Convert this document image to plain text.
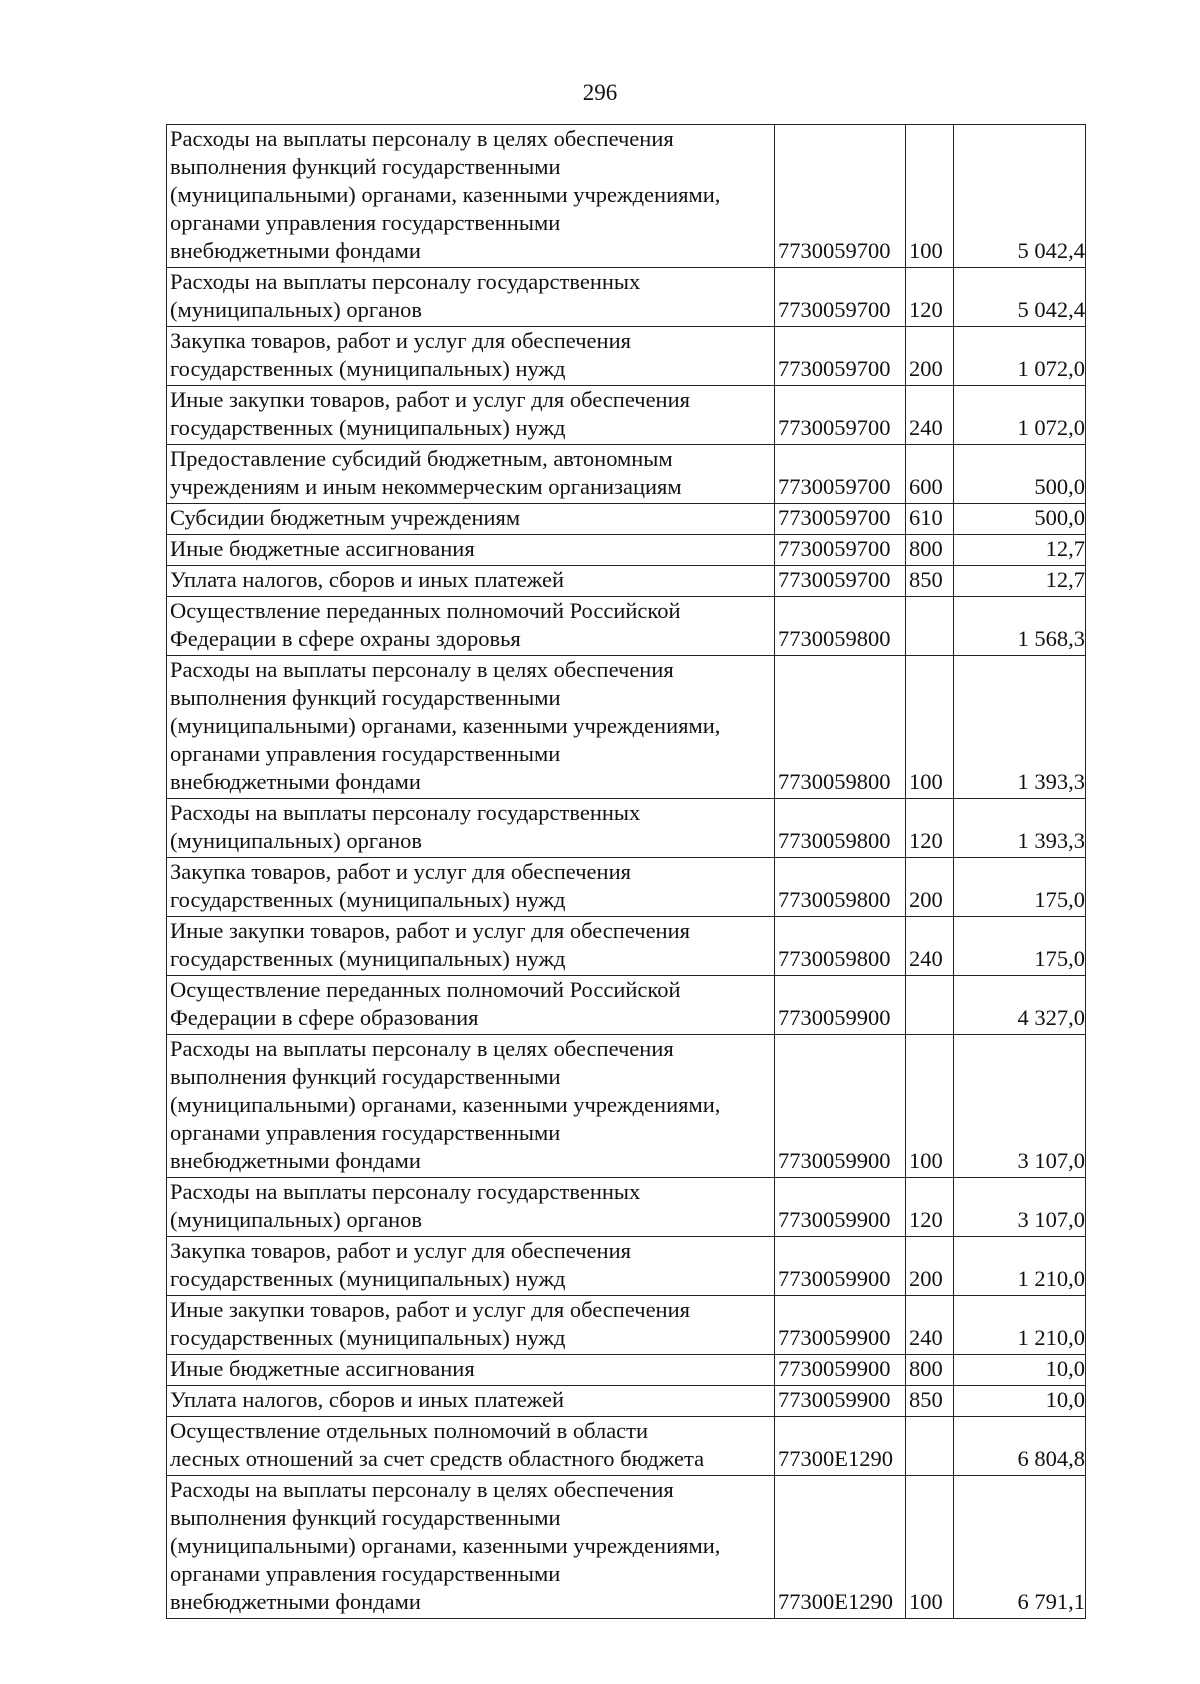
296
Расходы на выплаты персоналу в целях обеспечения
выполнения функций государственными
(муниципальными) органами, казенными учреждениями,
органами управления государственными
внебюджетными фондами	7730059700	100	5 042,4

Расходы на выплаты персоналу государственных
(муниципальных) органов	7730059700	120	5 042,4

Закупка товаров, работ и услуг для обеспечения
государственных (муниципальных) нужд	7730059700	200	1 072,0

Иные закупки товаров, работ и услуг для обеспечения
государственных (муниципальных) нужд	7730059700	240	1 072,0

Предоставление субсидий бюджетным, автономным
учреждениям и иным некоммерческим организациям	7730059700	600	500,0

Субсидии бюджетным учреждениям	7730059700	610	500,0

Иные бюджетные ассигнования	7730059700	800	12,7

Уплата налогов, сборов и иных платежей	7730059700	850	12,7

Осуществление переданных полномочий Российской
Федерации в сфере охраны здоровья	7730059800		1 568,3

Расходы на выплаты персоналу в целях обеспечения
выполнения функций государственными
(муниципальными) органами, казенными учреждениями,
органами управления государственными
внебюджетными фондами	7730059800	100	1 393,3

Расходы на выплаты персоналу государственных
(муниципальных) органов	7730059800	120	1 393,3

Закупка товаров, работ и услуг для обеспечения
государственных (муниципальных) нужд	7730059800	200	175,0

Иные закупки товаров, работ и услуг для обеспечения
государственных (муниципальных) нужд	7730059800	240	175,0

Осуществление переданных полномочий Российской
Федерации в сфере образования	7730059900		4 327,0

Расходы на выплаты персоналу в целях обеспечения
выполнения функций государственными
(муниципальными) органами, казенными учреждениями,
органами управления государственными
внебюджетными фондами	7730059900	100	3 107,0

Расходы на выплаты персоналу государственных
(муниципальных) органов	7730059900	120	3 107,0

Закупка товаров, работ и услуг для обеспечения
государственных (муниципальных) нужд	7730059900	200	1 210,0

Иные закупки товаров, работ и услуг для обеспечения
государственных (муниципальных) нужд	7730059900	240	1 210,0

Иные бюджетные ассигнования	7730059900	800	10,0

Уплата налогов, сборов и иных платежей	7730059900	850	10,0

Осуществление отдельных полномочий в области
лесных отношений за счет средств областного бюджета	77300E1290		6 804,8

Расходы на выплаты персоналу в целях обеспечения
выполнения функций государственными
(муниципальными) органами, казенными учреждениями,
органами управления государственными
внебюджетными фондами	77300E1290	100	6 791,1
